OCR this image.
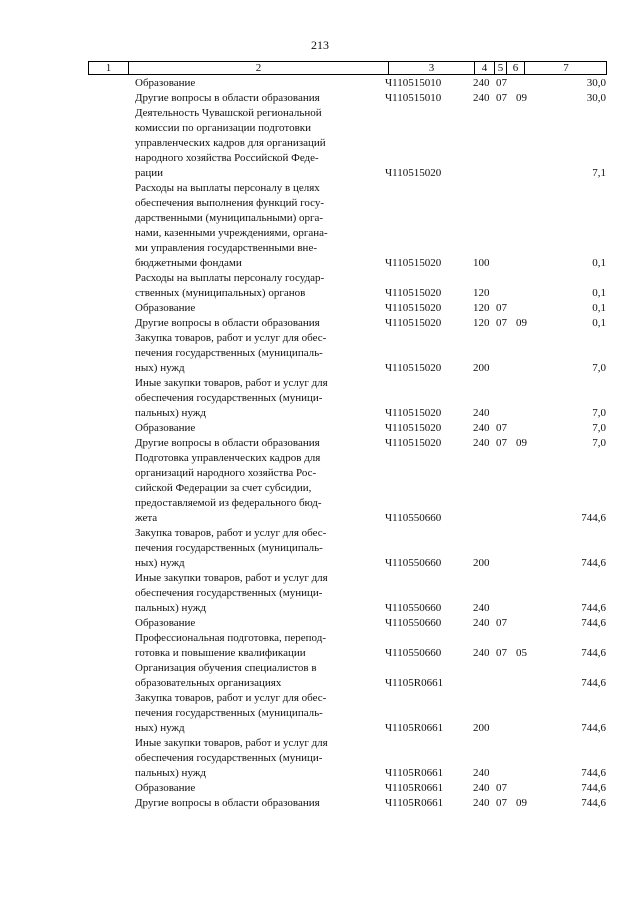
213
1	2	3	4 5 6	7
Образование	Ч110515010	240 07	30,0
Другие вопросы в области образования	Ч110515010	240 07 09	30,0
Деятельность Чувашской региональной
комиссии по организации подготовки
управленческих кадров для организаций
народного хозяйства Российской Феде-
рации	Ч110515020	7,1
Расходы на выплаты персоналу в целях
обеспечения выполнения функций госу-
дарственными (муниципальными) орга-
нами, казенными учреждениями, органа-
ми управления государственными вне-
бюджетными фондами	Ч110515020	100	0,1
Расходы на выплаты персоналу государ-
ственных (муниципальных) органов	Ч110515020	120	0,1
Образование	Ч110515020	120 07	0,1
Другие вопросы в области образования	Ч110515020	120 07 09	0,1
Закупка товаров, работ и услуг для обес-
печения государственных (муниципаль-
ных) нужд	Ч110515020	200	7,0
Иные закупки товаров, работ и услуг для
обеспечения государственных (муници-
пальных) нужд	Ч110515020	240	7,0
Образование	Ч110515020	240 07	7,0
Другие вопросы в области образования	Ч110515020	240 07 09	7,0
Подготовка управленческих кадров для
организаций народного хозяйства Рос-
сийской Федерации за счет субсидии,
предоставляемой из федерального бюд-
жета	Ч110550660	744,6
Закупка товаров, работ и услуг для обес-
печения государственных (муниципаль-
ных) нужд	Ч110550660	200	744,6
Иные закупки товаров, работ и услуг для
обеспечения государственных (муници-
пальных) нужд	Ч110550660	240	744,6
Образование	Ч110550660	240 07	744,6
Профессиональная подготовка, перепод-
готовка и повышение квалификации	Ч110550660	240 07 05	744,6
Организация обучения специалистов в
образовательных организациях	Ч1105R0661	744,6
Закупка товаров, работ и услуг для обес-
печения государственных (муниципаль-
ных) нужд	Ч1105R0661	200	744,6
Иные закупки товаров, работ и услуг для
обеспечения государственных (муници-
пальных) нужд	Ч1105R0661	240	744,6
Образование	Ч1105R0661	240 07	744,6
Другие вопросы в области образования	Ч1105R0661	240 07 09	744,6
